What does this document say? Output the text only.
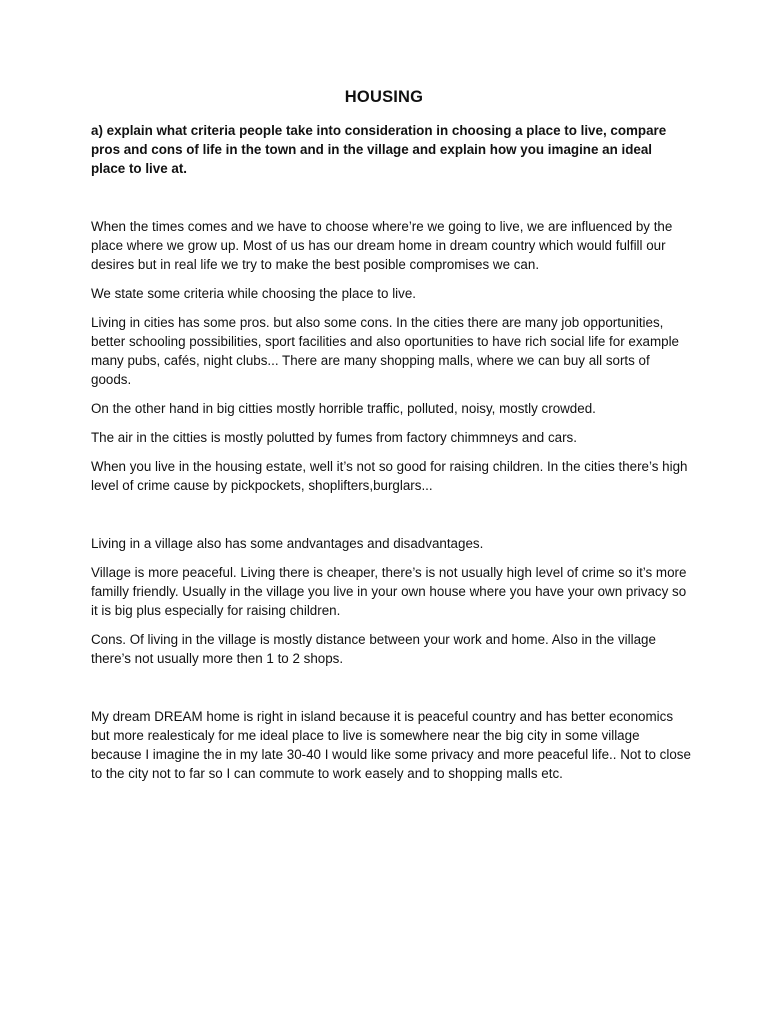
HOUSING

a) explain what criteria people take into consideration in choosing a place to live, compare pros and cons of life in the town and in the village and explain how you imagine an ideal place to live at.

When the times comes and we have to choose where’re we going to live, we are influenced by the place where we grow up. Most of us has our dream home in dream country which would fulfill our desires but in real life we try to make the best posible compromises we can.

We state some criteria while choosing the place to live.

Living in cities has some pros. but also some cons. In the cities there are many job opportunities, better schooling possibilities, sport facilities and also oportunities to have rich social life for example many pubs, cafés, night clubs... There are many shopping malls, where we can buy all sorts of goods.

On the other hand in big citties mostly horrible traffic, polluted, noisy, mostly crowded.

The air in the citties is mostly polutted by fumes from factory chimmneys and cars.

When you live in the housing estate, well it’s not so good for raising children. In the cities there’s high level of crime cause by pickpockets, shoplifters,burglars...

Living in a village also has some andvantages and disadvantages.

Village is more peaceful. Living there is cheaper, there’s is not usually high level of crime so it’s more familly friendly. Usually in the village you live in your own house where you have your own privacy so it is big plus especially for raising children.

Cons. Of living in the village is mostly distance between your work and home. Also in the village there’s not usually more then 1 to 2 shops.

My dream DREAM home is right in island because it is peaceful country and has better economics but more realesticaly for me ideal place to live is somewhere near the big city in some village because I imagine the in my late 30-40 I would like some privacy and more peaceful life.. Not to close to the city not to far so I can commute to work easely and to shopping malls etc.
